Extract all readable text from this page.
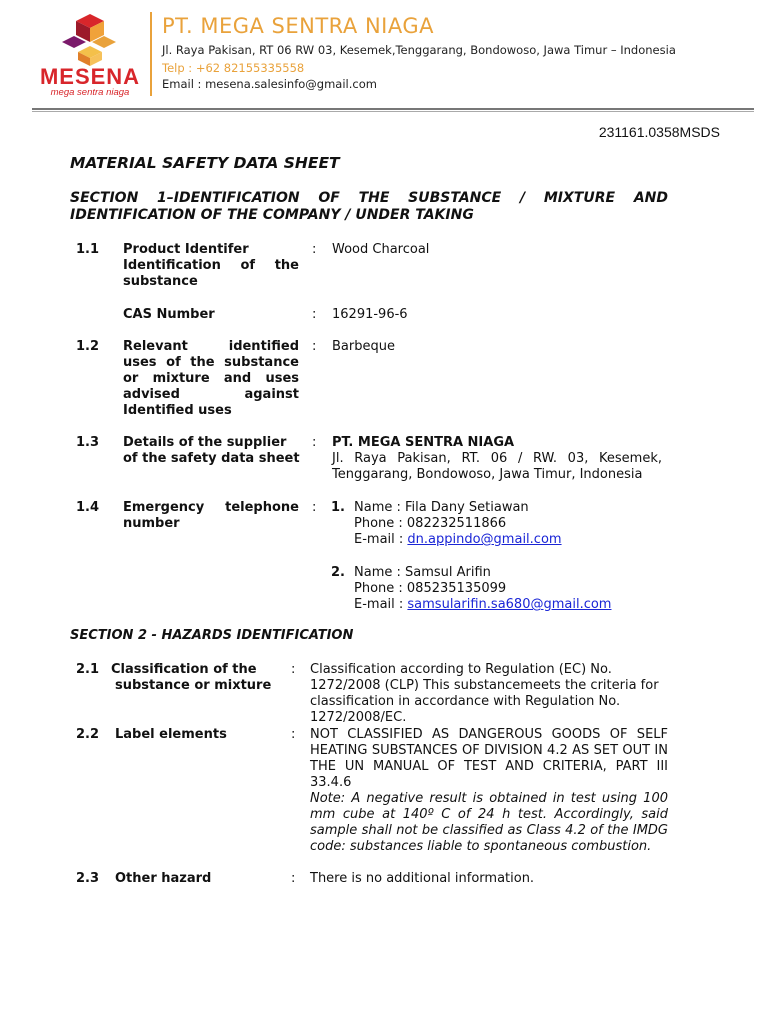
MESENA
mega sentra niaga
PT. MEGA SENTRA NIAGA
Jl. Raya Pakisan, RT 06 RW 03, Kesemek,Tenggarang, Bondowoso, Jawa Timur – Indonesia
Telp : +62 82155335558
Email : mesena.salesinfo@gmail.com
231161.0358MSDS
MATERIAL SAFETY DATA SHEET
SECTION 1–IDENTIFICATION OF THE SUBSTANCE / MIXTURE AND IDENTIFICATION OF THE COMPANY / UNDER TAKING
1.1 Product Identifer
Identification of the substance
: Wood Charcoal
CAS Number	: 16291-96-6
1.2 Relevant identified uses of the substance or mixture and uses advised against Identified uses
: Barbeque
1.3 Details of the supplier of the safety data sheet
: PT. MEGA SENTRA NIAGA
Jl. Raya Pakisan, RT. 06 / RW. 03, Kesemek, Tenggarang, Bondowoso, Jawa Timur, Indonesia
1.4 Emergency telephone number
: 1. Name : Fila Dany Setiawan
Phone : 082232511866
E-mail : dn.appindo@gmail.com
2. Name : Samsul Arifin
Phone : 085235135099
E-mail : samsularifin.sa680@gmail.com
SECTION 2 - HAZARDS IDENTIFICATION
2.1 Classification of the
substance or mixture
: Classification according to Regulation (EC) No. 1272/2008 (CLP) This substancemeets the criteria for classification in accordance with Regulation No. 1272/2008/EC.
2.2 Label elements	: NOT CLASSIFIED AS DANGEROUS GOODS OF SELF HEATING SUBSTANCES OF DIVISION 4.2 AS SET OUT IN THE UN MANUAL OF TEST AND CRITERIA, PART III 33.4.6
Note: A negative result is obtained in test using 100 mm cube at 140º C of 24 h test. Accordingly, said sample shall not be classified as Class 4.2 of the IMDG code: substances liable to spontaneous combustion.
2.3 Other hazard	: There is no additional information.
